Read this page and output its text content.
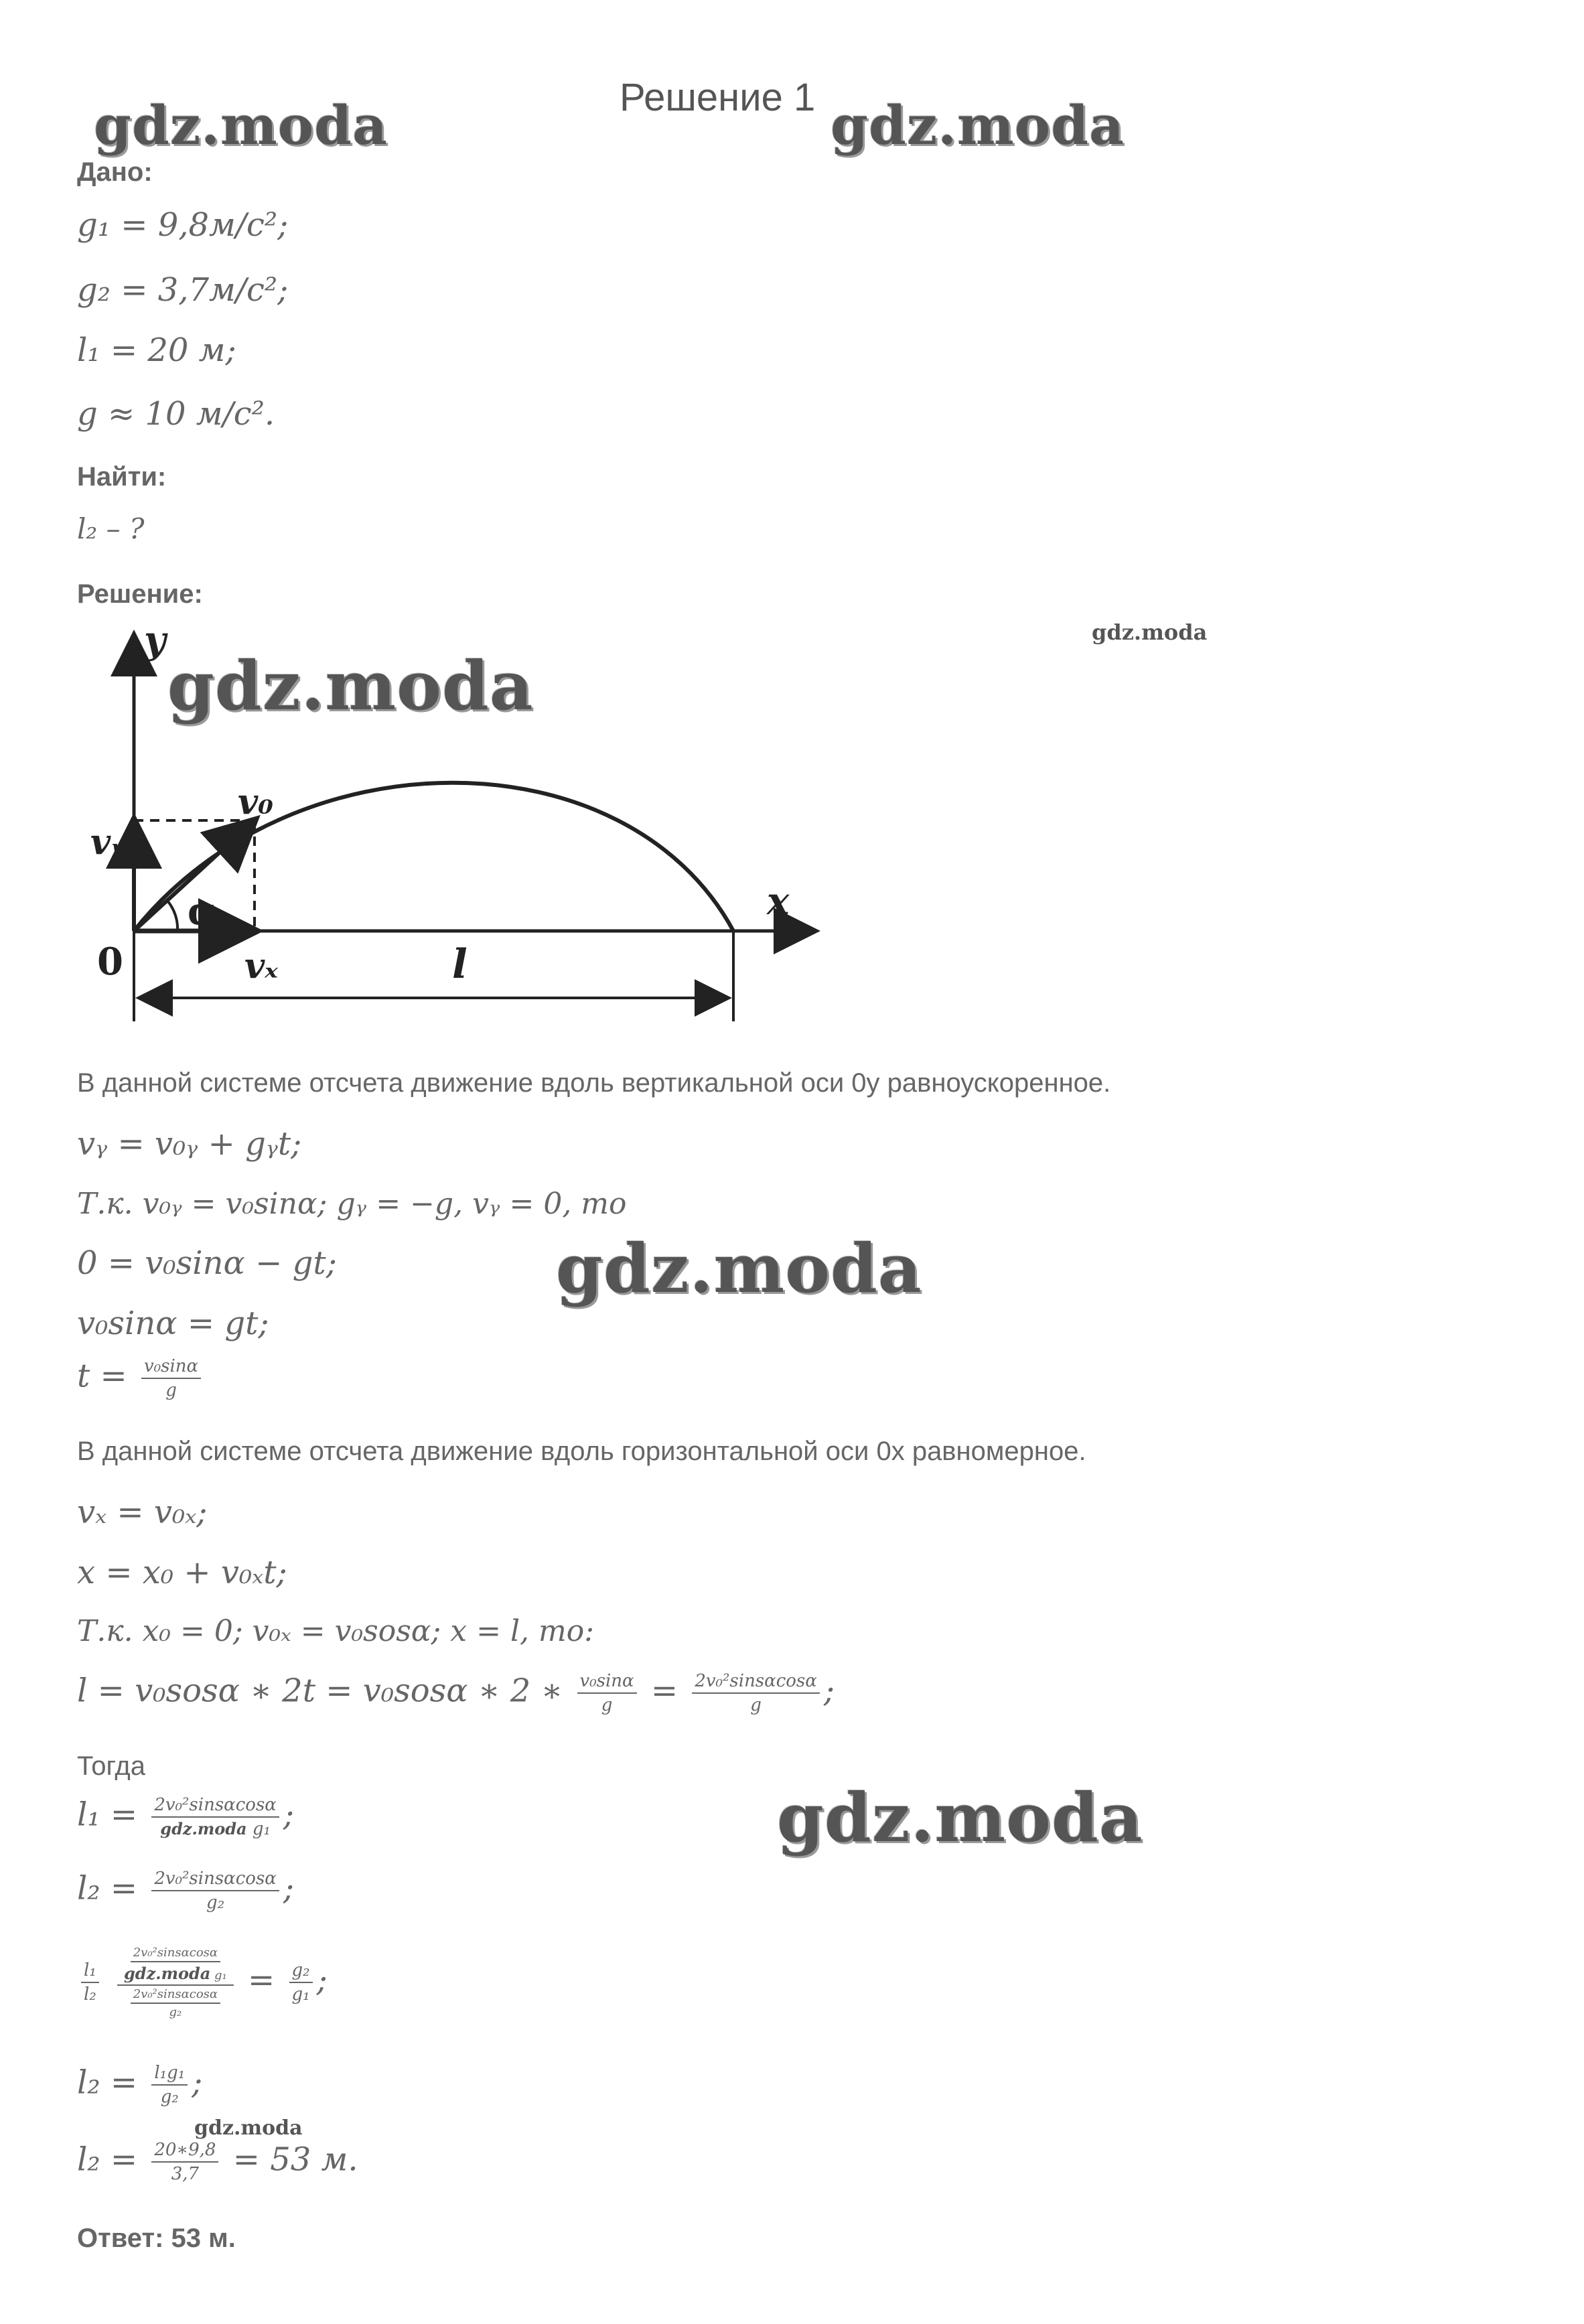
Решение 1
gdz.moda	gdz.moda
gdz.moda
Дано:
g₁ = 9,8м/с²;
g₂ = 3,7м/с²;
l₁ = 20 м;
g ≈ 10 м/с².
Найти:
l₂ – ?
Решение:
y
x
0
v₀
vᵧ
vₓ
α
l
gdz.moda
В данной системе отсчета движение вдоль вертикальной оси 0y равноускоренное.
vᵧ = v₀ᵧ + gᵧt;
Т.к. v₀ᵧ = v₀sinα; gᵧ = −g, vᵧ = 0, то
0 = v₀sinα − gt;	gdz.moda
v₀sinα = gt;
$t = \frac{\text{v₀sinα}}{g}$
В данной системе отсчета движение вдоль горизонтальной оси 0x равномерное.
vₓ = v₀ₓ;
x = x₀ + v₀ₓt;
Т.к. x₀ = 0; v₀ₓ = v₀sosα; x = l, то:
l = v₀sosα ∗ 2t = v₀sosα ∗ 2 ∗ $\frac{\text{v₀sinα}}{g} = \frac{\text{2v₀²sinsαcosα}}{g}$ ;
Тогда
$l_1 = \frac{\text{2v₀²sinsαcosα}}{\text{gdz.moda g₁}}$ ;	gdz.moda
$l_2 = \frac{\text{2v₀²sinsαcosα}}{\text{g₂}}$ ;
$\frac{\text{l₁}}{\text{l₂}}$
$\frac{\frac{\text{2v₀²sinsαcosα}}{\text{gdz.moda g₁}}}{\frac{\text{2v₀²sinsαcosα}}{\text{g₂}}} = \frac{\text{g₂}}{\text{g₁}}$ ;
$l_2 = \frac{\text{l₁g₁}}{\text{g₂}}$ ;
gdz.moda
$l_2 = \frac{20∗9,8}{3,7} = 53$ м.
Ответ: 53 м.
